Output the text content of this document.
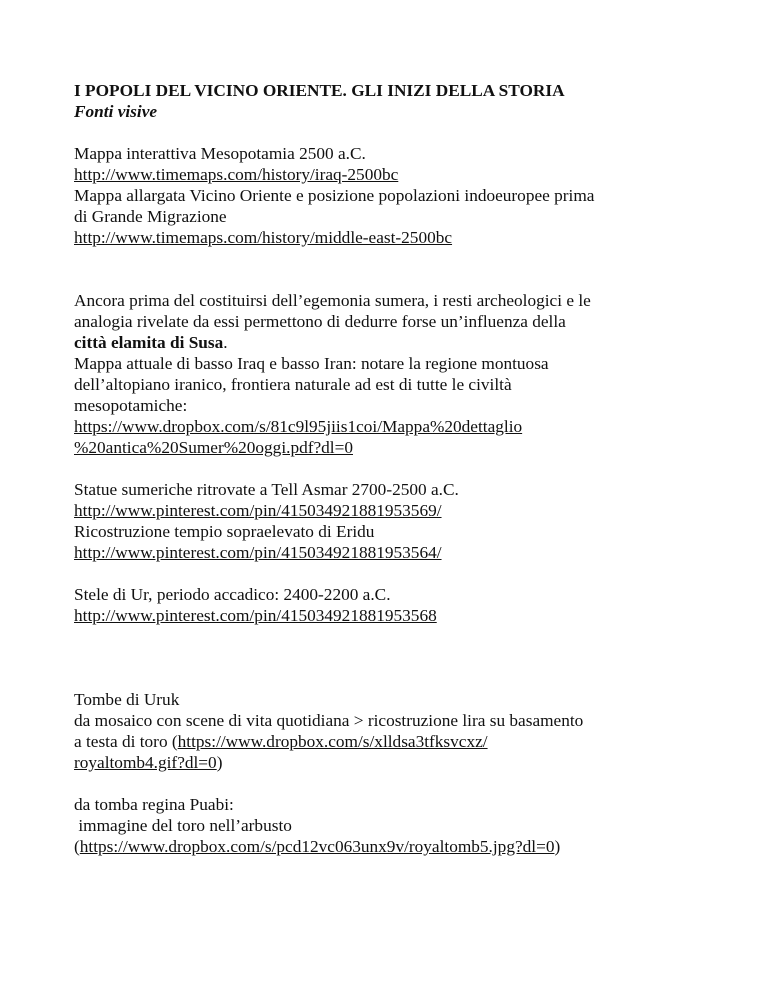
I POPOLI DEL VICINO ORIENTE. GLI INIZI DELLA STORIA
Fonti visive
Mappa interattiva Mesopotamia 2500 a.C.
http://www.timemaps.com/history/iraq-2500bc
Mappa allargata Vicino Oriente e posizione popolazioni indoeuropee prima
di Grande Migrazione
http://www.timemaps.com/history/middle-east-2500bc
Ancora prima del costituirsi dell’egemonia sumera, i resti archeologici e le
analogia rivelate da essi permettono di dedurre forse un’influenza della
città elamita di Susa.
Mappa attuale di basso Iraq e basso Iran: notare la regione montuosa
dell’altopiano iranico, frontiera naturale ad est di tutte le civiltà
mesopotamiche:
https://www.dropbox.com/s/81c9l95jiis1coi/Mappa%20dettaglio
%20antica%20Sumer%20oggi.pdf?dl=0
Statue sumeriche ritrovate a Tell Asmar 2700-2500 a.C.
http://www.pinterest.com/pin/415034921881953569/
Ricostruzione tempio sopraelevato di Eridu
http://www.pinterest.com/pin/415034921881953564/
Stele di Ur, periodo accadico: 2400-2200 a.C.
http://www.pinterest.com/pin/415034921881953568
Tombe di Uruk
da mosaico con scene di vita quotidiana > ricostruzione lira su basamento
a testa di toro (https://www.dropbox.com/s/xlldsa3tfksvcxz/
royaltomb4.gif?dl=0)
da tomba regina Puabi:
immagine del toro nell’arbusto
(https://www.dropbox.com/s/pcd12vc063unx9v/royaltomb5.jpg?dl=0)
